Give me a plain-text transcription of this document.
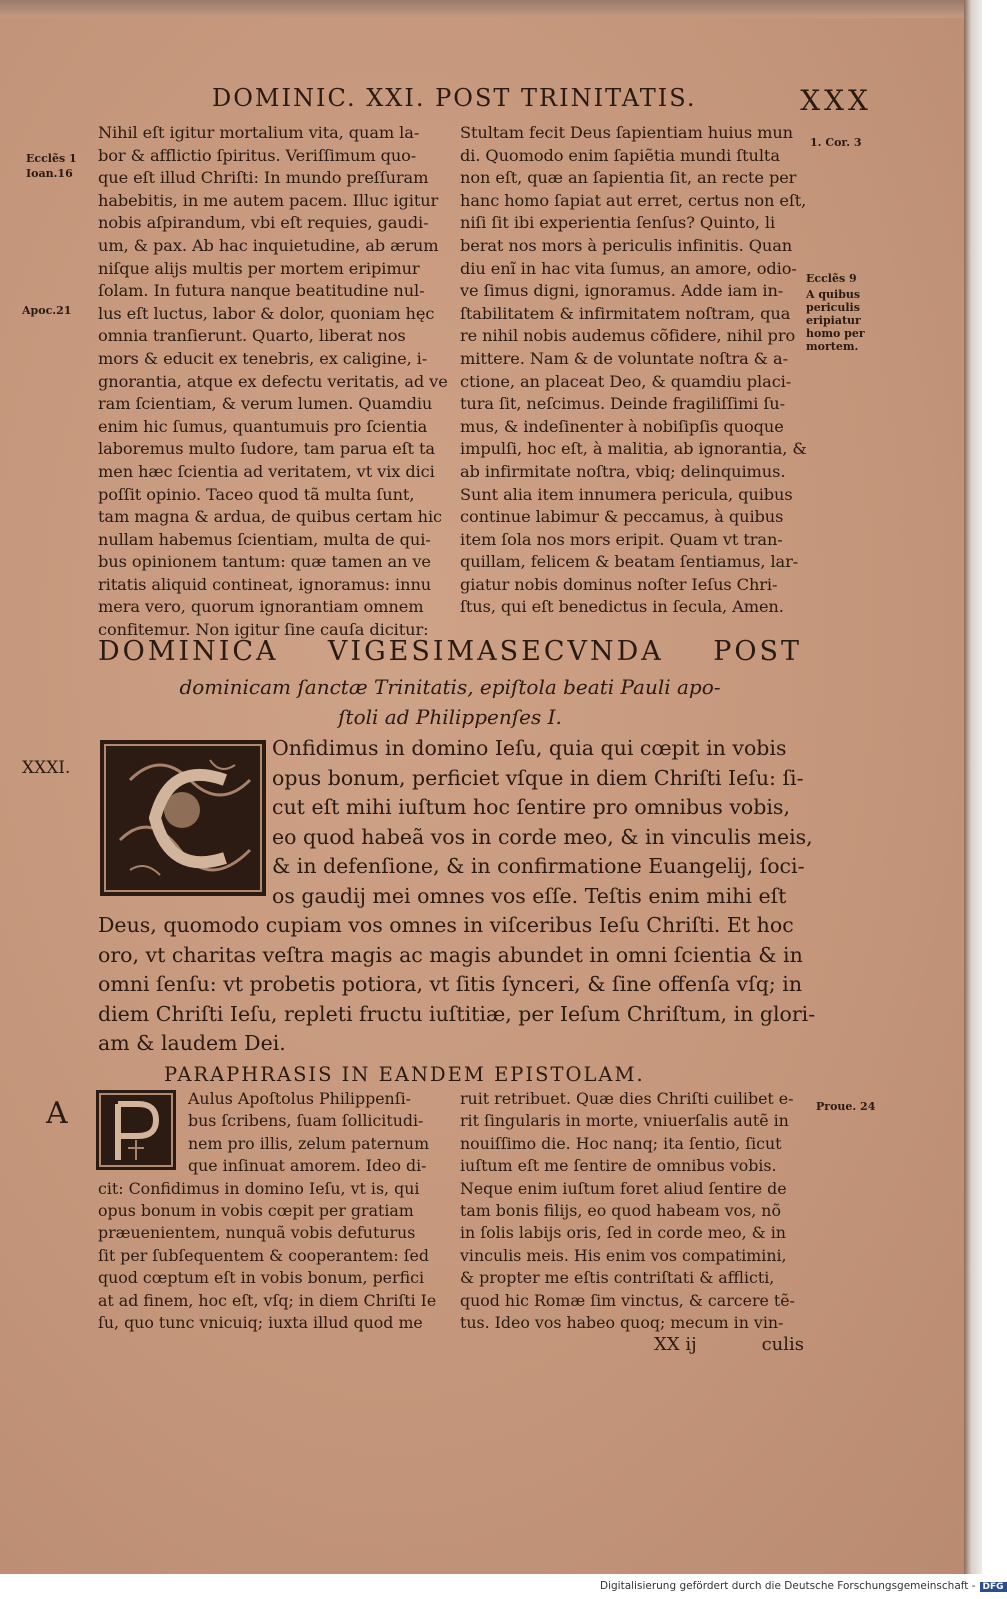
DOMINIC. XXI. POST TRINITATIS.	XXX
Ecclẽs 1
Ioan.16
Apoc.21
1. Cor. 3
Ecclẽs 9
A quibus
periculis
eripiatur
homo per
mortem.
XXXI.
A	Proue. 24
Nihil eſt igitur mortalium vita, quam la-
bor & afflictio ſpiritus. Veriſſimum quo-
que eſt illud Chriſti: In mundo preſſuram
habebitis, in me autem pacem. Illuc igitur
nobis aſpirandum, vbi eſt requies, gaudi-
um, & pax. Ab hac inquietudine, ab ærum
niſque alijs multis per mortem eripimur
ſolam. In futura nanque beatitudine nul-
lus eſt luctus, labor & dolor, quoniam hęc
omnia tranſierunt. Quarto, liberat nos
mors & educit ex tenebris, ex caligine, i-
gnorantia, atque ex defectu veritatis, ad ve
ram ſcientiam, & verum lumen. Quamdiu
enim hic ſumus, quantumuis pro ſcientia
laboremus multo ſudore, tam parua eſt ta
men hæc ſcientia ad veritatem, vt vix dici
poſſit opinio. Taceo quod tã multa ſunt,
tam magna & ardua, de quibus certam hic
nullam habemus ſcientiam, multa de qui-
bus opinionem tantum: quæ tamen an ve
ritatis aliquid contineat, ignoramus: innu
mera vero, quorum ignorantiam omnem
confitemur. Non igitur ſine cauſa dicitur:
Stultam fecit Deus ſapientiam huius mun
di. Quomodo enim ſapiẽtia mundi ſtulta
non eſt, quæ an ſapientia ſit, an recte per
hanc homo ſapiat aut erret, certus non eſt,
niſi ſit ibi experientia ſenſus? Quinto, li
berat nos mors à periculis infinitis. Quan
diu enĩ in hac vita ſumus, an amore, odio-
ve ſimus digni, ignoramus. Adde iam in-
ſtabilitatem & infirmitatem noſtram, qua
re nihil nobis audemus cõfidere, nihil pro
mittere. Nam & de voluntate noſtra & a-
ctione, an placeat Deo, & quamdiu placi-
tura ſit, neſcimus. Deinde fragiliſſimi ſu-
mus, & indeſinenter à nobiſipſis quoque
impulſi, hoc eſt, à malitia, ab ignorantia, &
ab infirmitate noſtra, vbiq; delinquimus.
Sunt alia item innumera pericula, quibus
continue labimur & peccamus, à quibus
item ſola nos mors eripit. Quam vt tran-
quillam, felicem & beatam ſentiamus, lar-
giatur nobis dominus noſter Ieſus Chri-
ſtus, qui eſt benedictus in ſecula, Amen.
DOMINICA VIGESIMASECVNDA POST
dominicam ſanctæ Trinitatis, epiſtola beati Pauli apo-
ſtoli ad Philippenſes I.
Onfidimus in domino Ieſu, quia qui cœpit in vobis
opus bonum, perficiet vſque in diem Chriſti Ieſu: ſi-
cut eſt mihi iuſtum hoc ſentire pro omnibus vobis,
eo quod habeã vos in corde meo, & in vinculis meis,
& in defenſione, & in confirmatione Euangelij, ſoci-
os gaudij mei omnes vos eſſe. Teſtis enim mihi eſt
Deus, quomodo cupiam vos omnes in viſceribus Ieſu Chriſti. Et hoc
oro, vt charitas veſtra magis ac magis abundet in omni ſcientia & in
omni ſenſu: vt probetis potiora, vt ſitis ſynceri, & ſine offenſa vſq; in
diem Chriſti Ieſu, repleti fructu iuſtitiæ, per Ieſum Chriſtum, in glori-
am & laudem Dei.
PARAPHRASIS IN EANDEM EPISTOLAM.
Aulus Apoſtolus Philippenſi-
bus ſcribens, ſuam ſollicitudi-
nem pro illis, zelum paternum
que inſinuat amorem. Ideo di-
cit: Confidimus in domino Ieſu, vt is, qui
opus bonum in vobis cœpit per gratiam
præuenientem, nunquã vobis defuturus
ſit per ſubſequentem & cooperantem: ſed
quod cœptum eſt in vobis bonum, perfici
at ad finem, hoc eſt, vſq; in diem Chriſti Ie
ſu, quo tunc vnicuiq; iuxta illud quod me
ruit retribuet. Quæ dies Chriſti cuilibet e-
rit ſingularis in morte, vniuerſalis autẽ in
nouiſſimo die. Hoc nanq; ita ſentio, ſicut
iuſtum eſt me ſentire de omnibus vobis.
Neque enim iuſtum foret aliud ſentire de
tam bonis filijs, eo quod habeam vos, nõ
in ſolis labijs oris, ſed in corde meo, & in
vinculis meis. His enim vos compatimini,
& propter me eſtis contriſtati & afflicti,
quod hic Romæ ſim vinctus, & carcere tẽ-
tus. Ideo vos habeo quoq; mecum in vin-
XX ij	culis
Digitalisierung gefördert durch die Deutsche Forschungsgemeinschaft - DFG
